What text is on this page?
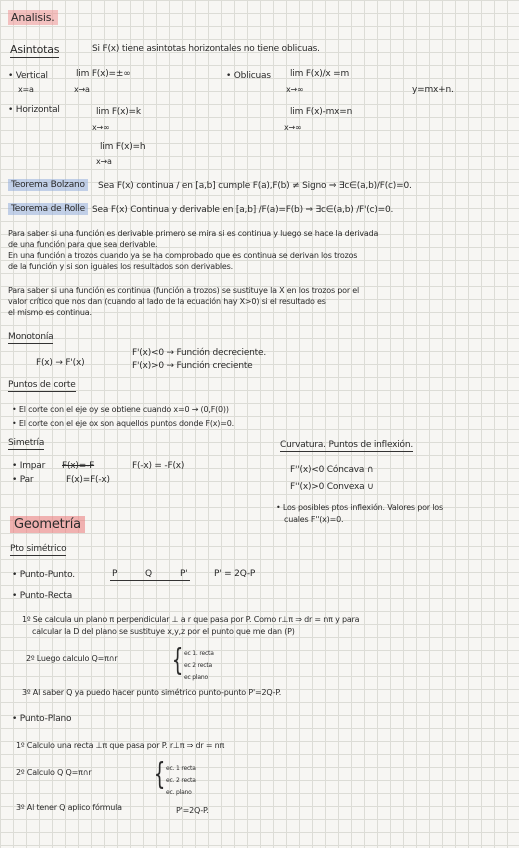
Analisis.
Asintotas	Si F(x) tiene asintotas horizontales no tiene oblicuas.
• Vertical
x=a
lim F(x)=±∞
x→a
• Oblicuas lim F(x)/x =m
x→∞	y=mx+n.
lim F(x)-mx=n
x→∞
• Horizontal	lim F(x)=k
x→∞
lim F(x)=h
x→a
Teorema Bolzano	Sea F(x) continua / en [a,b] cumple F(a),F(b) ≠ Signo ⇒ ∃c∈(a,b)/F(c)=0.
Teorema de Rolle Sea F(x) Continua y derivable en [a,b] /F(a)=F(b) ⇒ ∃c∈(a,b) /F'(c)=0.
Para saber si una función es derivable primero se mira si es continua y luego se hace la derivada
de una función para que sea derivable.
En una función a trozos cuando ya se ha comprobado que es continua se derivan los trozos
de la función y si son iguales los resultados son derivables.
Para saber si una función es continua (función a trozos) se sustituye la X en los trozos por el
valor crítico que nos dan (cuando al lado de la ecuación hay X>0) si el resultado es
el mismo es continua.
Monotonía
F(x) → F'(x)
F'(x)<0 → Función decreciente.
F'(x)>0 → Función creciente
Puntos de corte
• El corte con el eje oy se obtiene cuando x=0 → (0,F(0))
• El corte con el eje ox son aquellos puntos donde F(x)=0.
Simetría
• Impar F(x)=-F	F(-x) = -F(x)
• Par	F(x)=F(-x)
Curvatura. Puntos de inflexión.
F''(x)<0 Cóncava ∩
F''(x)>0 Convexa ∪
• Los posibles ptos inflexión. Valores por los
cuales F''(x)=0.
Geometría
Pto simétrico
• Punto-Punto.	P	Q	P'	P' = 2Q-P
• Punto-Recta
1º Se calcula un plano π perpendicular ⊥ a r que pasa por P. Como r⊥π ⇒ dr = nπ y para
calcular la D del plano se sustituye x,y,z por el punto que me dan (P)
2º Luego calculo Q=π∩r { ec 1. recta
ec 2 recta
ec plano
3º Al saber Q ya puedo hacer punto simétrico punto-punto P'=2Q-P.
• Punto-Plano
1º Calculo una recta ⊥π que pasa por P. r⊥π ⇒ dr = nπ
2º Calculo Q Q=π∩r { ec. 1 recta
ec. 2 recta
ec. plano
3º Al tener Q aplico fórmula	P'=2Q-P.
